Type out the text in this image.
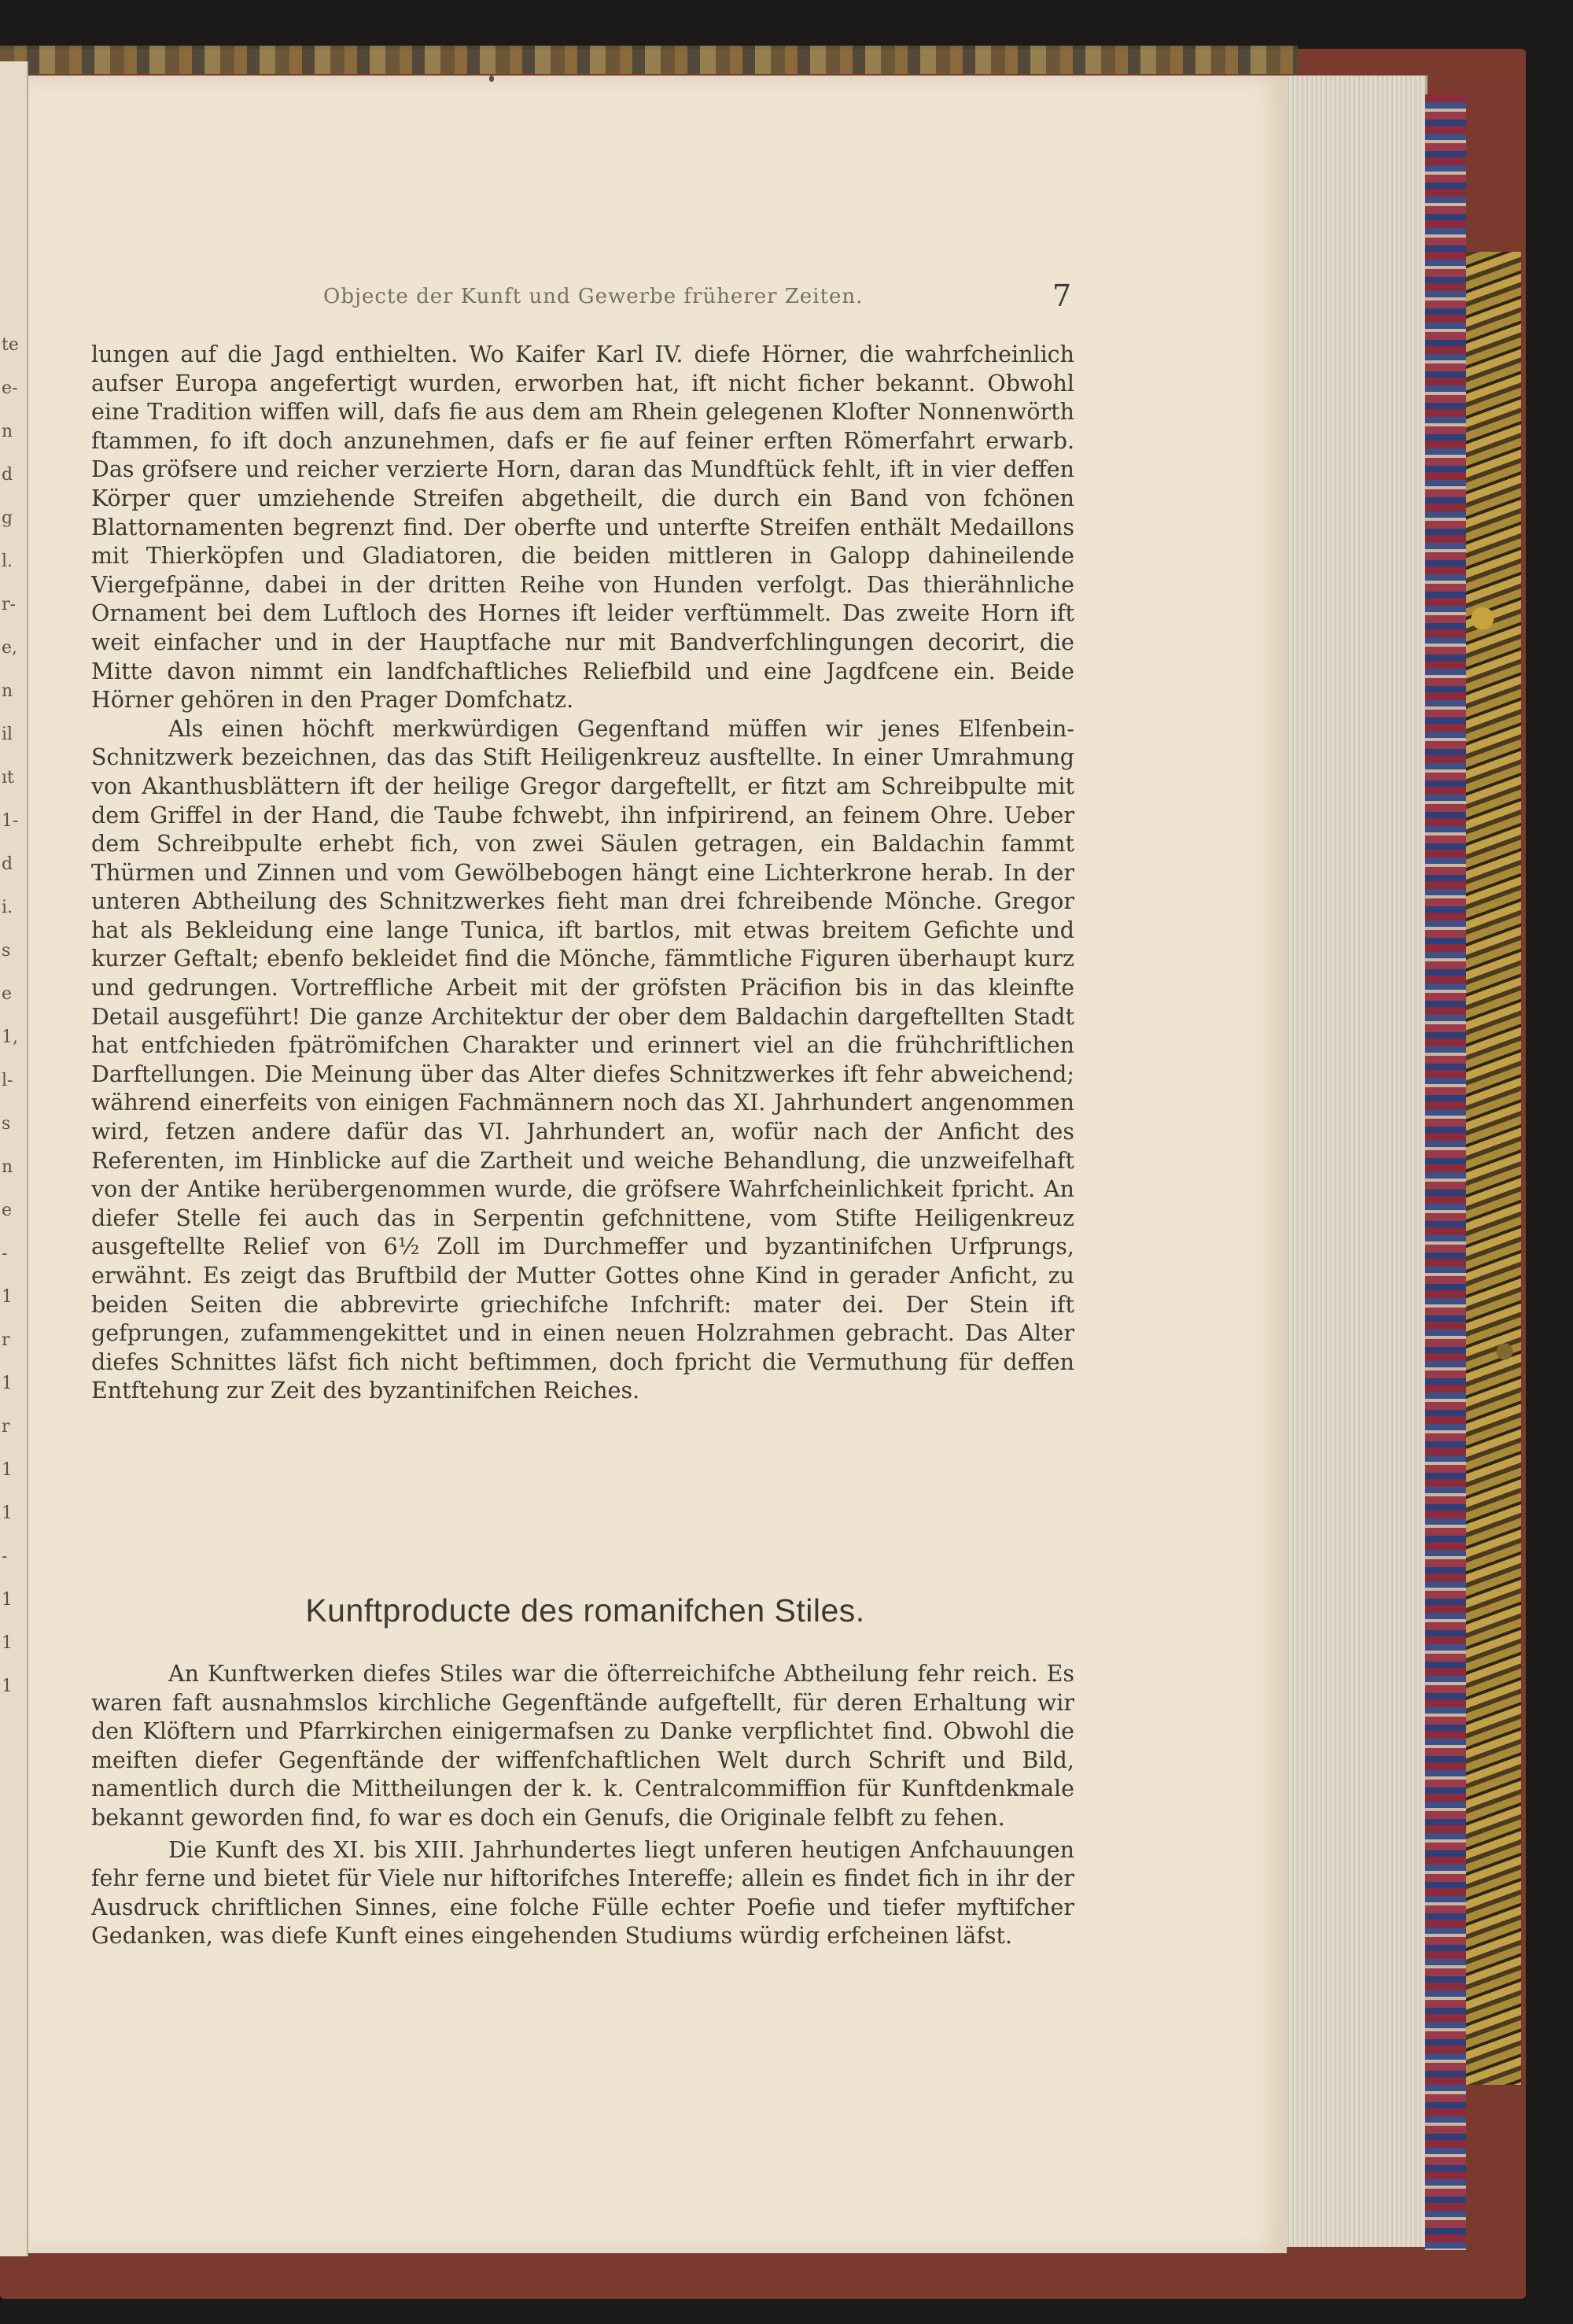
te
e-
n
d
g
l.
r-
e,
n
il
ıt
1-
d
i.
s
e
1,
l-
s
n
e
-
1
r
1
r
1
1
-
1
1
1
Objecte der Kunft und Gewerbe früherer Zeiten.	7

lungen auf die Jagd enthielten. Wo Kaifer Karl IV. diefe Hörner, die wahrfcheinlich aufser Europa angefertigt wurden, erworben hat, ift nicht ficher bekannt. Obwohl eine Tradition wiffen will, dafs fie aus dem am Rhein gelegenen Klofter Nonnenwörth ftammen, fo ift doch anzunehmen, dafs er fie auf feiner erften Römerfahrt erwarb. Das gröfsere und reicher verzierte Horn, daran das Mundftück fehlt, ift in vier deffen Körper quer umziehende Streifen abgetheilt, die durch ein Band von fchönen Blattornamenten begrenzt find. Der oberfte und unterfte Streifen enthält Medaillons mit Thierköpfen und Gladiatoren, die beiden mittleren in Galopp dahineilende Viergefpänne, dabei in der dritten Reihe von Hunden verfolgt. Das thierähnliche Ornament bei dem Luftloch des Hornes ift leider verftümmelt. Das zweite Horn ift weit einfacher und in der Hauptfache nur mit Bandverfchlingungen decorirt, die Mitte davon nimmt ein landfchaftliches Reliefbild und eine Jagdfcene ein. Beide Hörner gehören in den Prager Domfchatz.

Als einen höchft merkwürdigen Gegenftand müffen wir jenes Elfenbein-Schnitzwerk bezeichnen, das das Stift Heiligenkreuz ausftellte. In einer Umrahmung von Akanthusblättern ift der heilige Gregor dargeftellt, er fitzt am Schreibpulte mit dem Griffel in der Hand, die Taube fchwebt, ihn infpirirend, an feinem Ohre. Ueber dem Schreibpulte erhebt fich, von zwei Säulen getragen, ein Baldachin fammt Thürmen und Zinnen und vom Gewölbebogen hängt eine Lichterkrone herab. In der unteren Abtheilung des Schnitzwerkes fieht man drei fchreibende Mönche. Gregor hat als Bekleidung eine lange Tunica, ift bartlos, mit etwas breitem Gefichte und kurzer Geftalt; ebenfo bekleidet find die Mönche, fämmtliche Figuren überhaupt kurz und gedrungen. Vortreffliche Arbeit mit der gröfsten Präcifion bis in das kleinfte Detail ausgeführt! Die ganze Architektur der ober dem Baldachin dargeftellten Stadt hat entfchieden fpätrömifchen Charakter und erinnert viel an die frühchriftlichen Darftellungen. Die Meinung über das Alter diefes Schnitzwerkes ift fehr abweichend; während einerfeits von einigen Fachmännern noch das XI. Jahrhundert angenommen wird, fetzen andere dafür das VI. Jahrhundert an, wofür nach der Anficht des Referenten, im Hinblicke auf die Zartheit und weiche Behandlung, die unzweifelhaft von der Antike herübergenommen wurde, die gröfsere Wahrfcheinlichkeit fpricht. An diefer Stelle fei auch das in Serpentin gefchnittene, vom Stifte Heiligenkreuz ausgeftellte Relief von 6½ Zoll im Durchmeffer und byzantinifchen Urfprungs, erwähnt. Es zeigt das Bruftbild der Mutter Gottes ohne Kind in gerader Anficht, zu beiden Seiten die abbrevirte griechifche Infchrift: mater dei. Der Stein ift gefprungen, zufammengekittet und in einen neuen Holzrahmen gebracht. Das Alter diefes Schnittes läfst fich nicht beftimmen, doch fpricht die Vermuthung für deffen Entftehung zur Zeit des byzantinifchen Reiches.

Kunftproducte des romanifchen Stiles.

An Kunftwerken diefes Stiles war die öfterreichifche Abtheilung fehr reich. Es waren faft ausnahmslos kirchliche Gegenftände aufgeftellt, für deren Erhaltung wir den Klöftern und Pfarrkirchen einigermafsen zu Danke verpflichtet find. Obwohl die meiften diefer Gegenftände der wiffenfchaftlichen Welt durch Schrift und Bild, namentlich durch die Mittheilungen der k. k. Centralcommiffion für Kunftdenkmale bekannt geworden find, fo war es doch ein Genufs, die Originale felbft zu fehen.

Die Kunft des XI. bis XIII. Jahrhundertes liegt unferen heutigen Anfchauungen fehr ferne und bietet für Viele nur hiftorifches Intereffe; allein es findet fich in ihr der Ausdruck chriftlichen Sinnes, eine folche Fülle echter Poefie und tiefer myftifcher Gedanken, was diefe Kunft eines eingehenden Studiums würdig erfcheinen läfst.
